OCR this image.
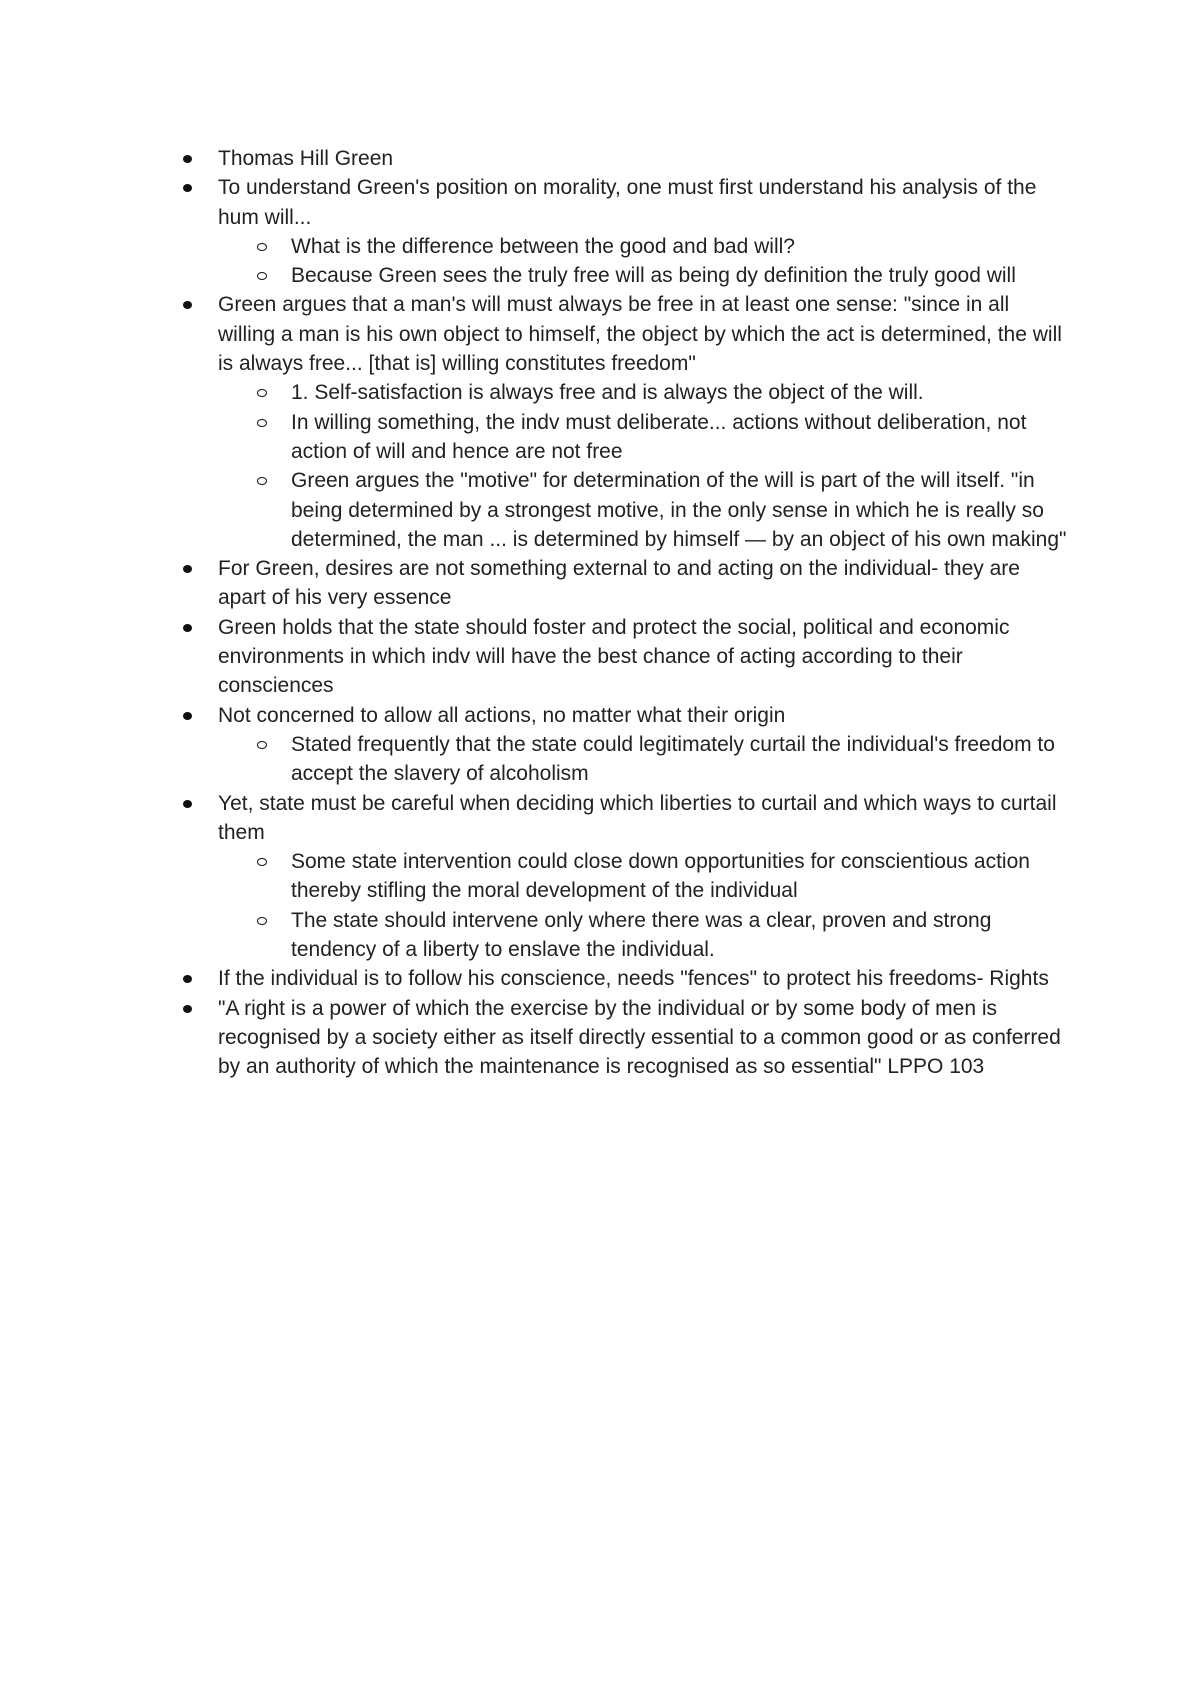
Thomas Hill Green
To understand Green's position on morality, one must first understand his analysis of the hum will...
What is the difference between the good and bad will?
Because Green sees the truly free will as being dy definition the truly good will
Green argues that a man's will must always be free in at least one sense: "since in all willing a man is his own object to himself, the object by which the act is determined, the will is always free... [that is] willing constitutes freedom"
1. Self-satisfaction is always free and is always the object of the will.
In willing something, the indv must deliberate... actions without deliberation, not action of will and hence are not free
Green argues the "motive" for determination of the will is part of the will itself. "in being determined by a strongest motive, in the only sense in which he is really so determined, the man ... is determined by himself — by an object of his own making"
For Green, desires are not something external to and acting on the individual- they are apart of his very essence
Green holds that the state should foster and protect the social, political and economic environments in which indv will have the best chance of acting according to their consciences
Not concerned to allow all actions, no matter what their origin
Stated frequently that the state could legitimately curtail the individual's freedom to accept the slavery of alcoholism
Yet, state must be careful when deciding which liberties to curtail and which ways to curtail them
Some state intervention could close down opportunities for conscientious action thereby stifling the moral development of the individual
The state should intervene only where there was a clear, proven and strong tendency of a liberty to enslave the individual.
If the individual is to follow his conscience, needs "fences" to protect his freedoms- Rights
"A right is a power of which the exercise by the individual or by some body of men is recognised by a society either as itself directly essential to a common good or as conferred by an authority of which the maintenance is recognised as so essential" LPPO 103
